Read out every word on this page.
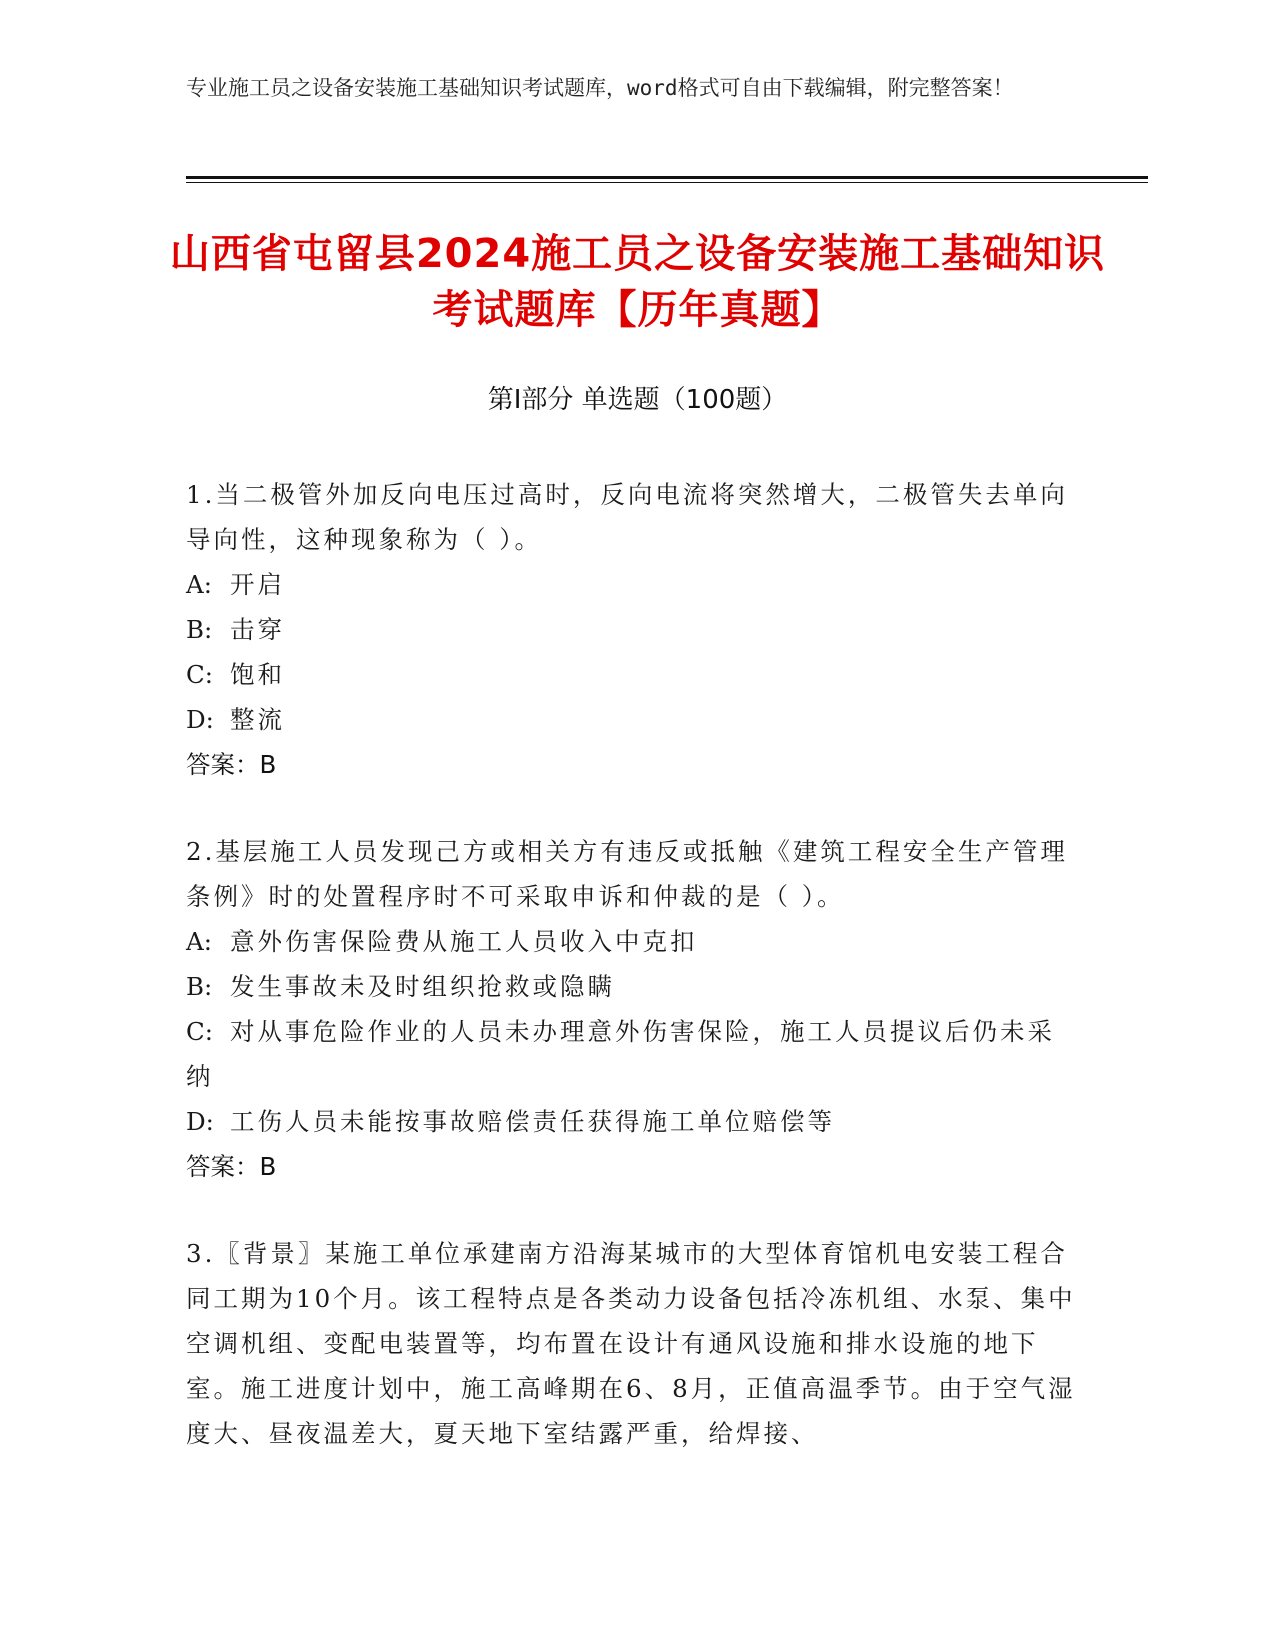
专业施工员之设备安装施工基础知识考试题库，word格式可自由下载编辑，附完整答案！
山西省屯留县2024施工员之设备安装施工基础知识考试题库【历年真题】
第Ⅰ部分 单选题（100题）
1.当二极管外加反向电压过高时，反向电流将突然增大，二极管失去单向导向性，这种现象称为（ ）。
A: 开启
B: 击穿
C: 饱和
D: 整流
答案：B
2.基层施工人员发现己方或相关方有违反或抵触《建筑工程安全生产管理条例》时的处置程序时不可采取申诉和仲裁的是（ ）。
A: 意外伤害保险费从施工人员收入中克扣
B: 发生事故未及时组织抢救或隐瞒
C: 对从事危险作业的人员未办理意外伤害保险，施工人员提议后仍未采纳
D: 工伤人员未能按事故赔偿责任获得施工单位赔偿等
答案：B
3.〖背景〗某施工单位承建南方沿海某城市的大型体育馆机电安装工程合同工期为10个月。该工程特点是各类动力设备包括冷冻机组、水泵、集中空调机组、变配电装置等，均布置在设计有通风设施和排水设施的地下室。施工进度计划中，施工高峰期在6、8月，正值高温季节。由于空气湿度大、昼夜温差大，夏天地下室结露严重，给焊接、
